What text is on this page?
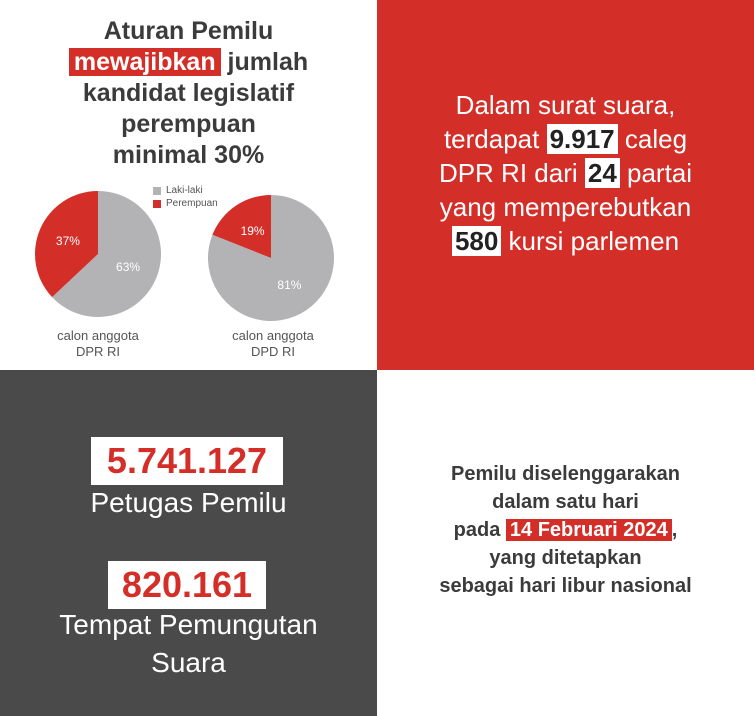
Aturan Pemilu
mewajibkan jumlah
kandidat legislatif
perempuan
minimal 30%
Laki-laki
Perempuan
63%
37%
81%
19%
calon anggota
DPR RI
calon anggota
DPD RI
Dalam surat suara,
terdapat 9.917 caleg
DPR RI dari 24 partai
yang memperebutkan
580 kursi parlemen
5.741.127
Petugas Pemilu
820.161
Tempat Pemungutan
Suara
Pemilu diselenggarakan
dalam satu hari
pada 14 Februari 2024 ,
yang ditetapkan
sebagai hari libur nasional
